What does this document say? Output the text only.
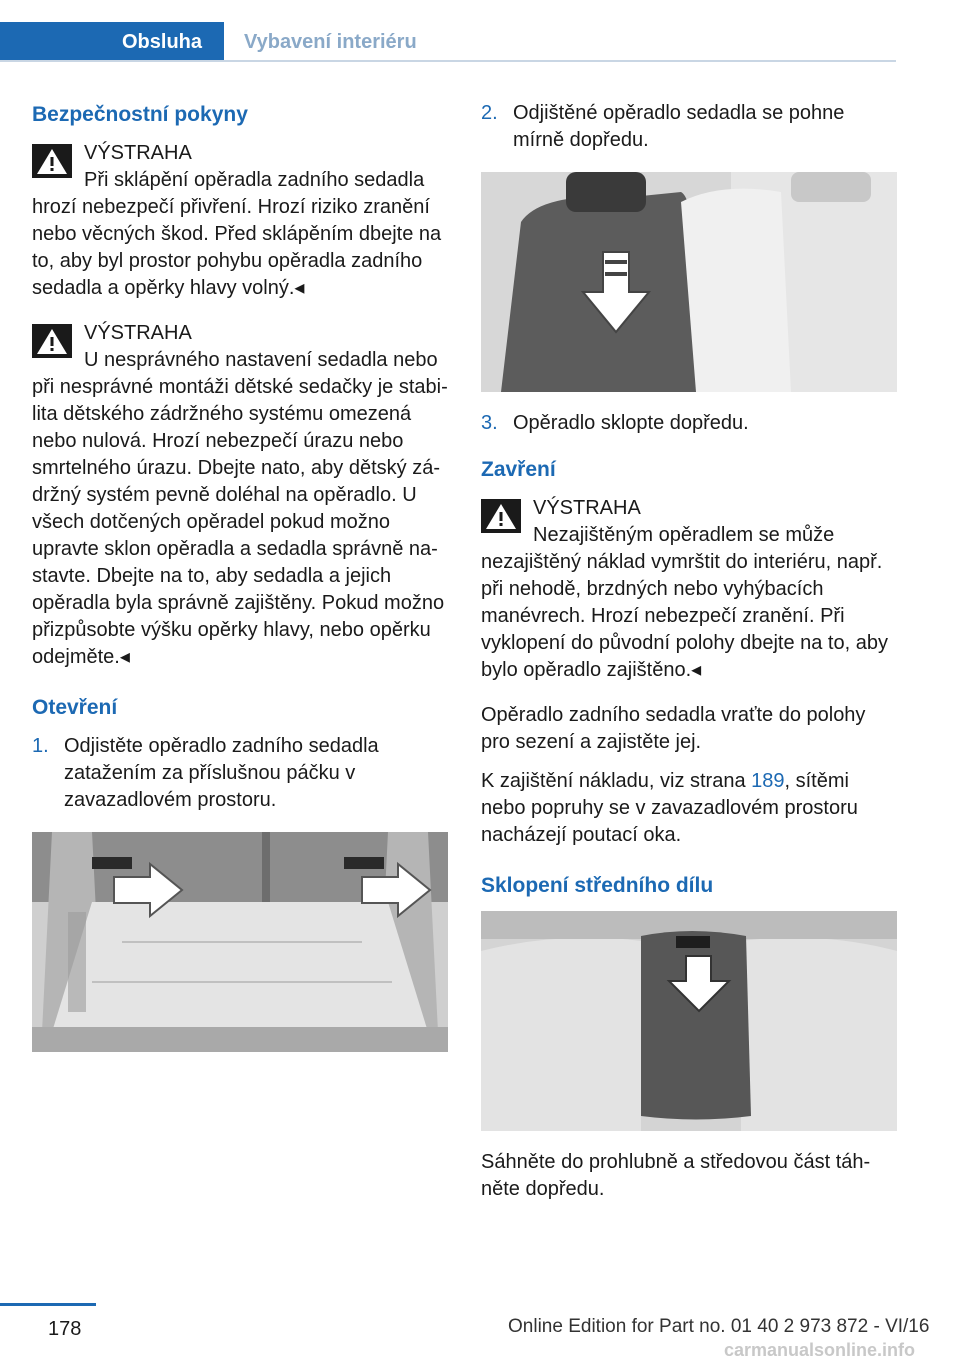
Obsluha	Vybavení interiéru
Bezpečnostní pokyny
VÝSTRAHA
Při sklápění opěradla zadního sedadla hrozí nebezpečí přivření. Hrozí riziko zranění nebo věcných škod. Před sklápěním dbejte na to, aby byl prostor pohybu opěradla zadního sedadla a opěrky hlavy volný.◂
VÝSTRAHA
U nesprávného nastavení sedadla nebo při nesprávné montáži dětské sedačky je stabilita dětského zádržného systému omezená nebo nulová. Hrozí nebezpečí úrazu nebo smrtelného úrazu. Dbejte nato, aby dětský zádržný systém pevně doléhal na opěradlo. U všech dotčených opěradel pokud možno upravte sklon opěradla a sedadla správně nastavte. Dbejte na to, aby sedadla a jejich opěradla byla správně zajištěny. Pokud možno přizpůsobte výšku opěrky hlavy, nebo opěrku odejměte.◂
Otevření
1. Odjistěte opěradlo zadního sedadla zatažením za příslušnou páčku v zavazadlovém prostoru.
2. Odjištěné opěradlo sedadla se pohne mírně dopředu.
3. Opěradlo sklopte dopředu.
Zavření
VÝSTRAHA
Nezajištěným opěradlem se může nezajištěný náklad vymrštit do interiéru, např. při nehodě, brzdných nebo vyhýbacích manévrech. Hrozí nebezpečí zranění. Při vyklopení do původní polohy dbejte na to, aby bylo opěradlo zajištěno.◂

Opěradlo zadního sedadla vraťte do polohy pro sezení a zajistěte jej.

K zajištění nákladu, viz strana 189, sítěmi nebo popruhy se v zavazadlovém prostoru nacházejí poutací oka.

Sklopení středního dílu

Sáhněte do prohlubně a středovou část táhněte dopředu.

178	Online Edition for Part no. 01 40 2 973 872 - VI/16
carmanualsonline.info
